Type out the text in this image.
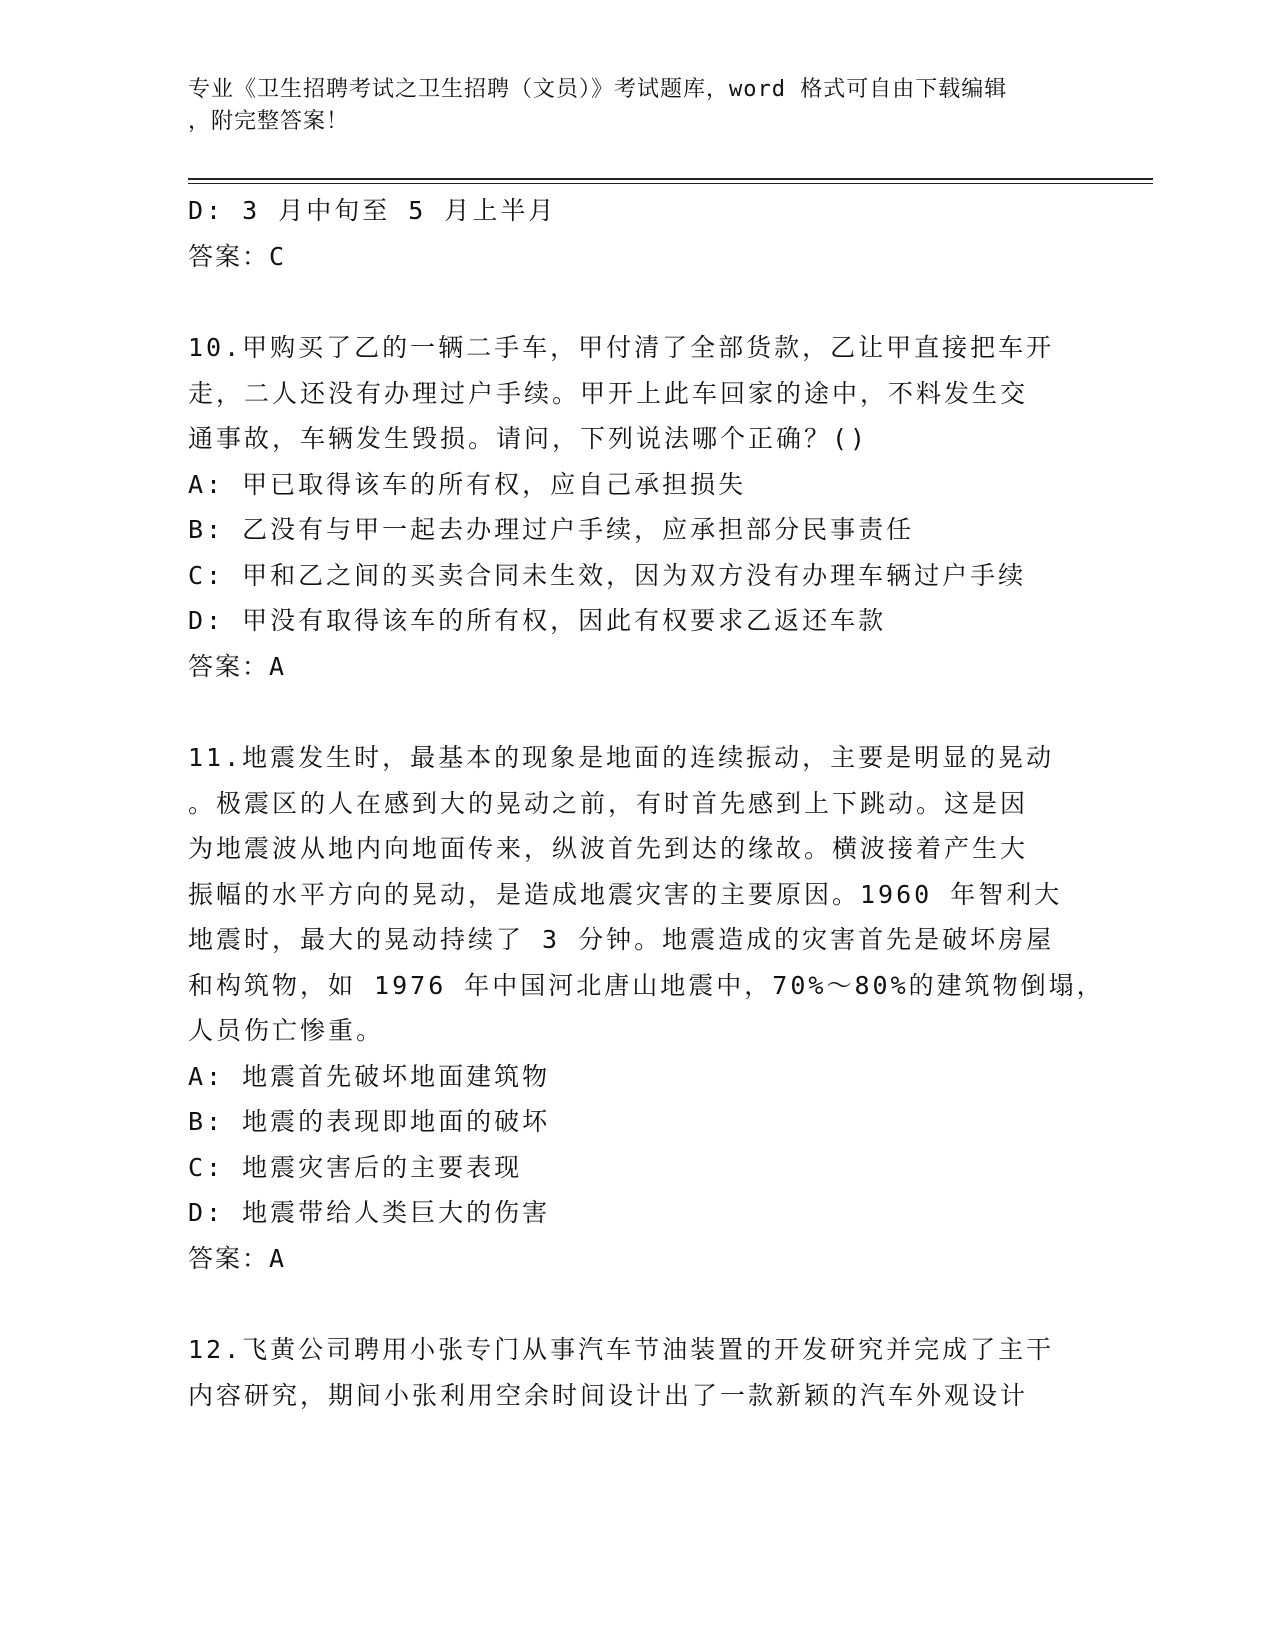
专业《卫生招聘考试之卫生招聘（文员）》考试题库，word 格式可自由下载编辑
，附完整答案！
D: 3 月中旬至 5 月上半月
答案：C
10.甲购买了乙的一辆二手车，甲付清了全部货款，乙让甲直接把车开
走，二人还没有办理过户手续。甲开上此车回家的途中，不料发生交
通事故，车辆发生毁损。请问，下列说法哪个正确？()
A: 甲已取得该车的所有权，应自己承担损失
B: 乙没有与甲一起去办理过户手续，应承担部分民事责任
C: 甲和乙之间的买卖合同未生效，因为双方没有办理车辆过户手续
D: 甲没有取得该车的所有权，因此有权要求乙返还车款
答案：A
11.地震发生时，最基本的现象是地面的连续振动，主要是明显的晃动
。极震区的人在感到大的晃动之前，有时首先感到上下跳动。这是因
为地震波从地内向地面传来，纵波首先到达的缘故。横波接着产生大
振幅的水平方向的晃动，是造成地震灾害的主要原因。1960 年智利大
地震时，最大的晃动持续了 3 分钟。地震造成的灾害首先是破坏房屋
和构筑物，如 1976 年中国河北唐山地震中，70%～80%的建筑物倒塌，
人员伤亡惨重。
A: 地震首先破坏地面建筑物
B: 地震的表现即地面的破坏
C: 地震灾害后的主要表现
D: 地震带给人类巨大的伤害
答案：A
12.飞黄公司聘用小张专门从事汽车节油装置的开发研究并完成了主干
内容研究，期间小张利用空余时间设计出了一款新颖的汽车外观设计
